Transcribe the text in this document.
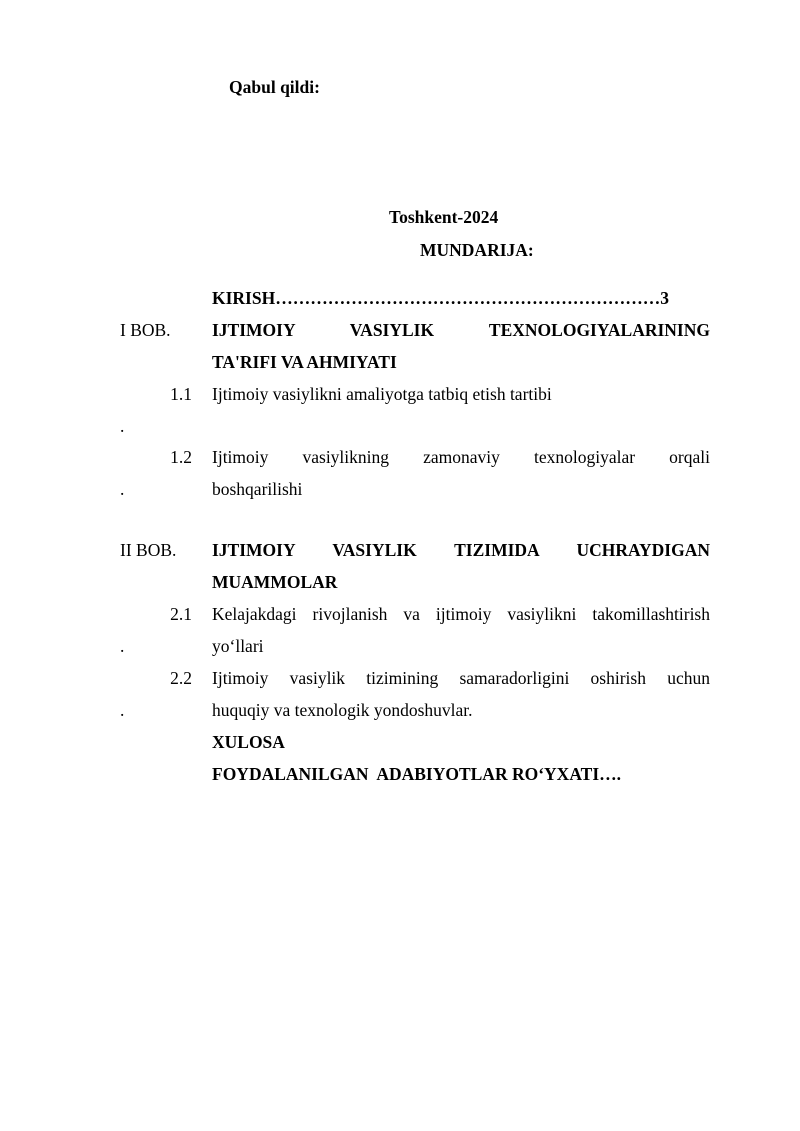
Qabul qildi:
Toshkent-2024
MUNDARIJA:
KIRISH…………………………………………………………3
I BOB. IJTIMOIY VASIYLIK TEXNOLOGIYALARINING
TA'RIFI VA AHMIYATI
1.1 Ijtimoiy vasiylikni amaliyotga tatbiq etish tartibi
.
1.2 Ijtimoiy vasiylikning zamonaviy texnologiyalar orqali
.	boshqarilishi
II BOB. IJTIMOIY VASIYLIK TIZIMIDA UCHRAYDIGAN
MUAMMOLAR
2.1 Kelajakdagi rivojlanish va ijtimoiy vasiylikni takomillashtirish
.	yo‘llari
2.2 Ijtimoiy vasiylik tizimining samaradorligini oshirish uchun
.	huquqiy va texnologik yondoshuvlar.
XULOSA
FOYDALANILGAN  ADABIYOTLAR RO‘YXATI….
